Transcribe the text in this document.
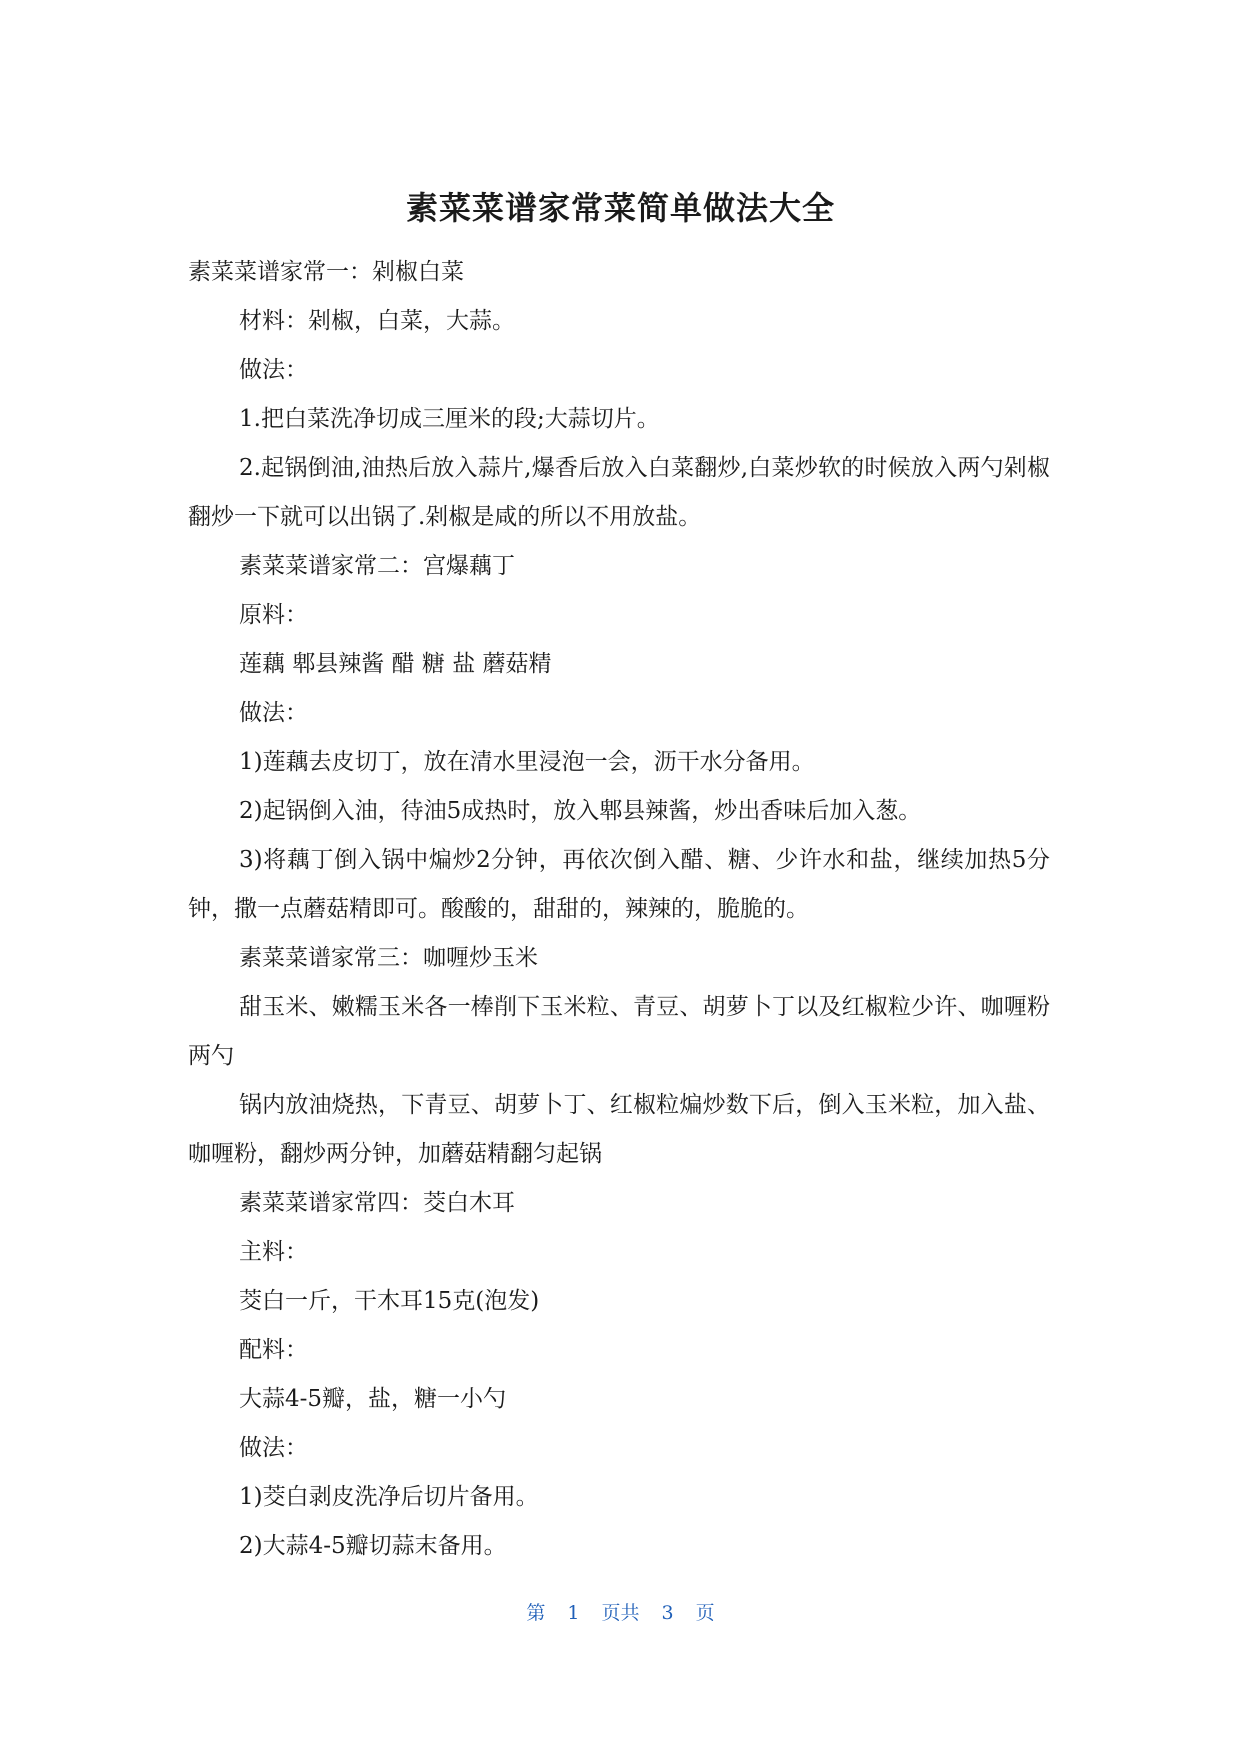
素菜菜谱家常菜简单做法大全

素菜菜谱家常一：剁椒白菜

材料：剁椒，白菜，大蒜。

做法：

1.把白菜洗净切成三厘米的段;大蒜切片。

2.起锅倒油,油热后放入蒜片,爆香后放入白菜翻炒,白菜炒软的时候放入两勺剁椒翻炒一下就可以出锅了.剁椒是咸的所以不用放盐。

素菜菜谱家常二：宫爆藕丁

原料：

莲藕 郫县辣酱 醋 糖 盐 蘑菇精

做法：

1)莲藕去皮切丁，放在清水里浸泡一会，沥干水分备用。

2)起锅倒入油，待油5成热时，放入郫县辣酱，炒出香味后加入葱。

3)将藕丁倒入锅中煸炒2分钟，再依次倒入醋、糖、少许水和盐，继续加热5分钟，撒一点蘑菇精即可。酸酸的，甜甜的，辣辣的，脆脆的。

素菜菜谱家常三：咖喱炒玉米

甜玉米、嫩糯玉米各一棒削下玉米粒、青豆、胡萝卜丁以及红椒粒少许、咖喱粉两勺

锅内放油烧热，下青豆、胡萝卜丁、红椒粒煸炒数下后，倒入玉米粒，加入盐、咖喱粉，翻炒两分钟，加蘑菇精翻匀起锅

素菜菜谱家常四：茭白木耳

主料：

茭白一斤，干木耳15克(泡发)

配料：

大蒜4-5瓣，盐，糖一小勺

做法：

1)茭白剥皮洗净后切片备用。

2)大蒜4-5瓣切蒜末备用。

第 1 页共 3 页
